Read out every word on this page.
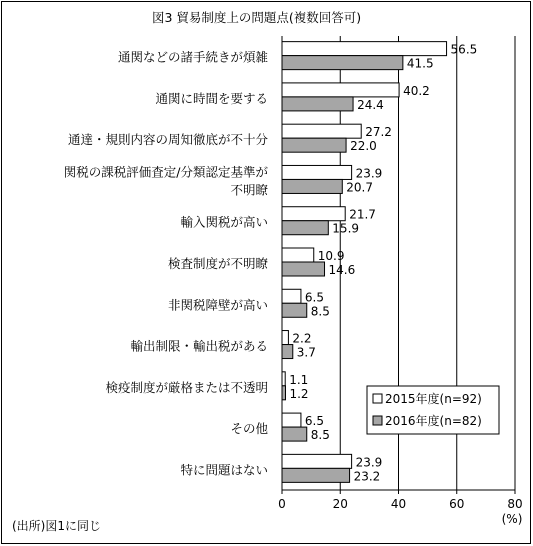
図3 貿易制度上の問題点(複数回答可)
通関などの諸手続きが煩雑
通関に時間を要する
通達・規則内容の周知徹底が不十分
関税の課税評価査定/分類認定基準が
不明瞭
輸入関税が高い
検査制度が不明瞭
非関税障壁が高い
輸出制限・輸出税がある
検疫制度が厳格または不透明
その他
特に問題はない
56.5
41.5
40.2
24.4
27.2
22.0
23.9
20.7
21.7
15.9
10.9
14.6
6.5
8.5
2.2
3.7
1.1
1.2
6.5
8.5
23.9
23.2
0	20	40	60	80
(%)
2015年度(n=92)
2016年度(n=82)
(出所)図1に同じ
